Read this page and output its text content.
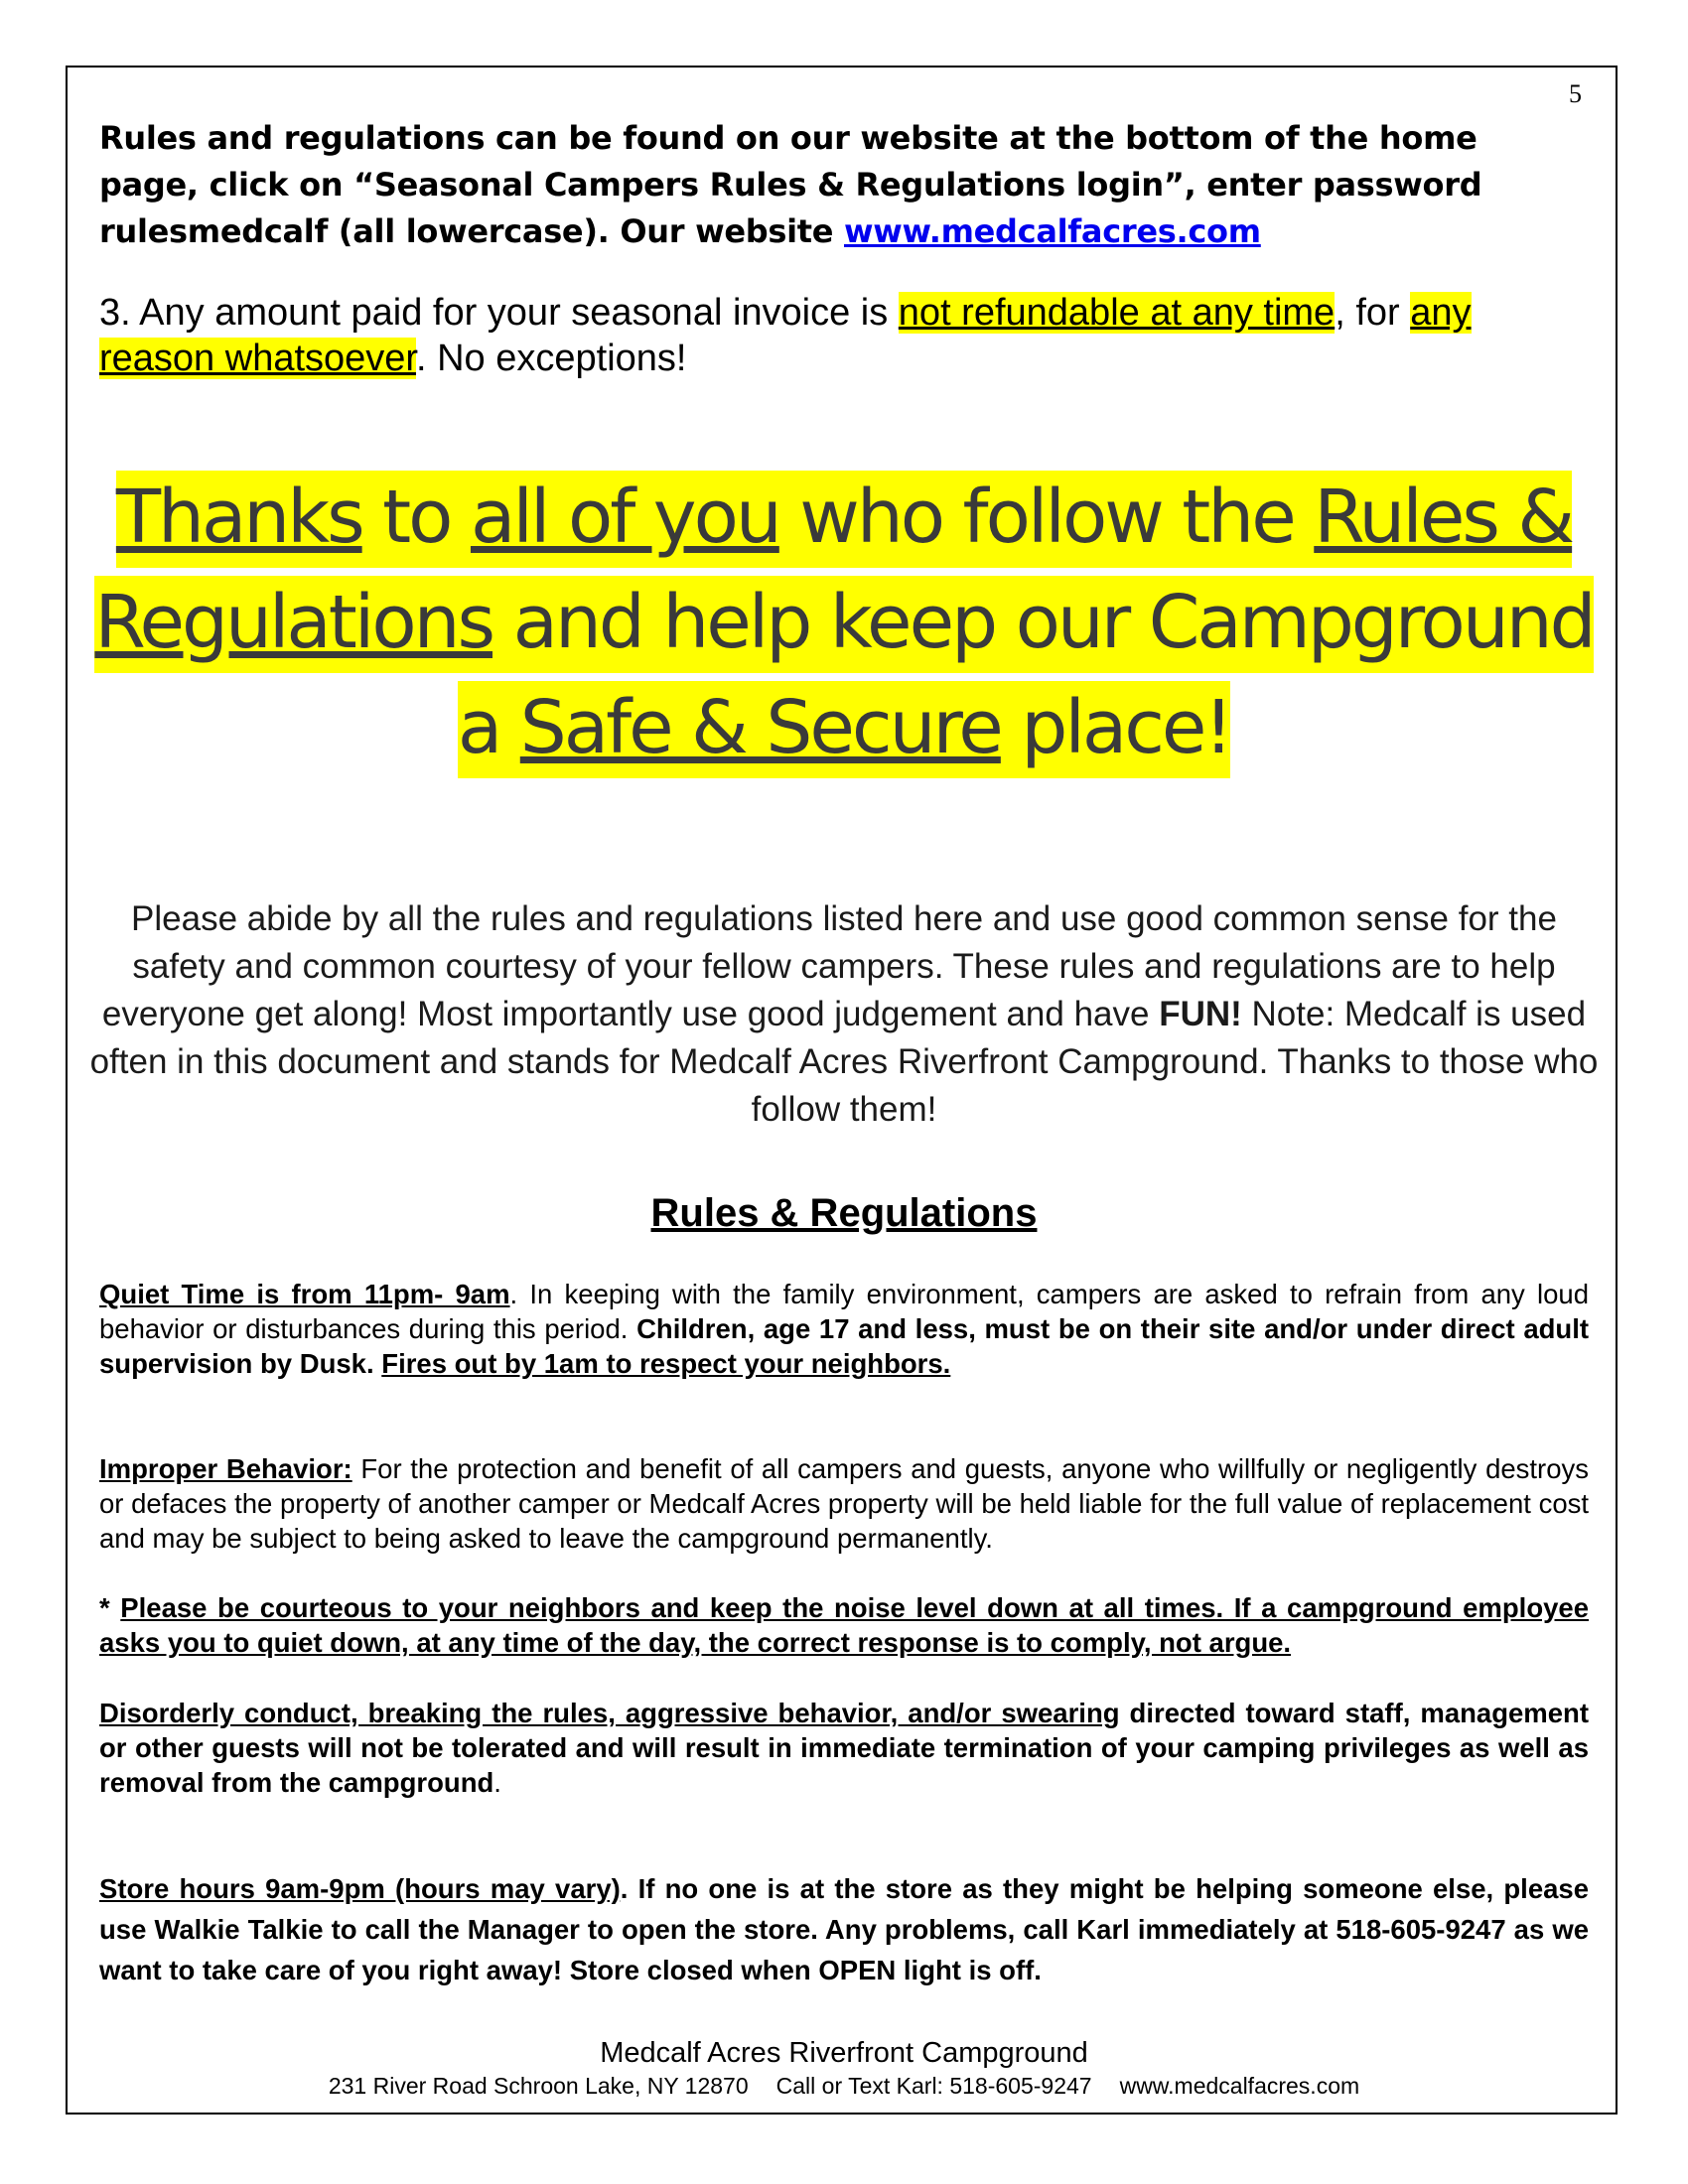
5
Rules and regulations can be found on our website at the bottom of the home page, click on “Seasonal Campers Rules & Regulations login”, enter password rulesmedcalf (all lowercase). Our website www.medcalfacres.com
3. Any amount paid for your seasonal invoice is not refundable at any time, for any reason whatsoever. No exceptions!
Thanks to all of you who follow the Rules & Regulations and help keep our Campground a Safe & Secure place!
Please abide by all the rules and regulations listed here and use good common sense for the safety and common courtesy of your fellow campers. These rules and regulations are to help everyone get along! Most importantly use good judgement and have FUN! Note: Medcalf is used often in this document and stands for Medcalf Acres Riverfront Campground. Thanks to those who follow them!
Rules & Regulations
Quiet Time is from 11pm- 9am. In keeping with the family environment, campers are asked to refrain from any loud behavior or disturbances during this period. Children, age 17 and less, must be on their site and/or under direct adult supervision by Dusk. Fires out by 1am to respect your neighbors.
Improper Behavior: For the protection and benefit of all campers and guests, anyone who willfully or negligently destroys or defaces the property of another camper or Medcalf Acres property will be held liable for the full value of replacement cost and may be subject to being asked to leave the campground permanently.
* Please be courteous to your neighbors and keep the noise level down at all times. If a campground employee asks you to quiet down, at any time of the day, the correct response is to comply, not argue.
Disorderly conduct, breaking the rules, aggressive behavior, and/or swearing directed toward staff, management or other guests will not be tolerated and will result in immediate termination of your camping privileges as well as removal from the campground.
Store hours 9am-9pm (hours may vary). If no one is at the store as they might be helping someone else, please use Walkie Talkie to call the Manager to open the store. Any problems, call Karl immediately at 518-605-9247 as we want to take care of you right away! Store closed when OPEN light is off.
Medcalf Acres Riverfront Campground
231 River Road Schroon Lake, NY 12870 Call or Text Karl: 518-605-9247 www.medcalfacres.com
